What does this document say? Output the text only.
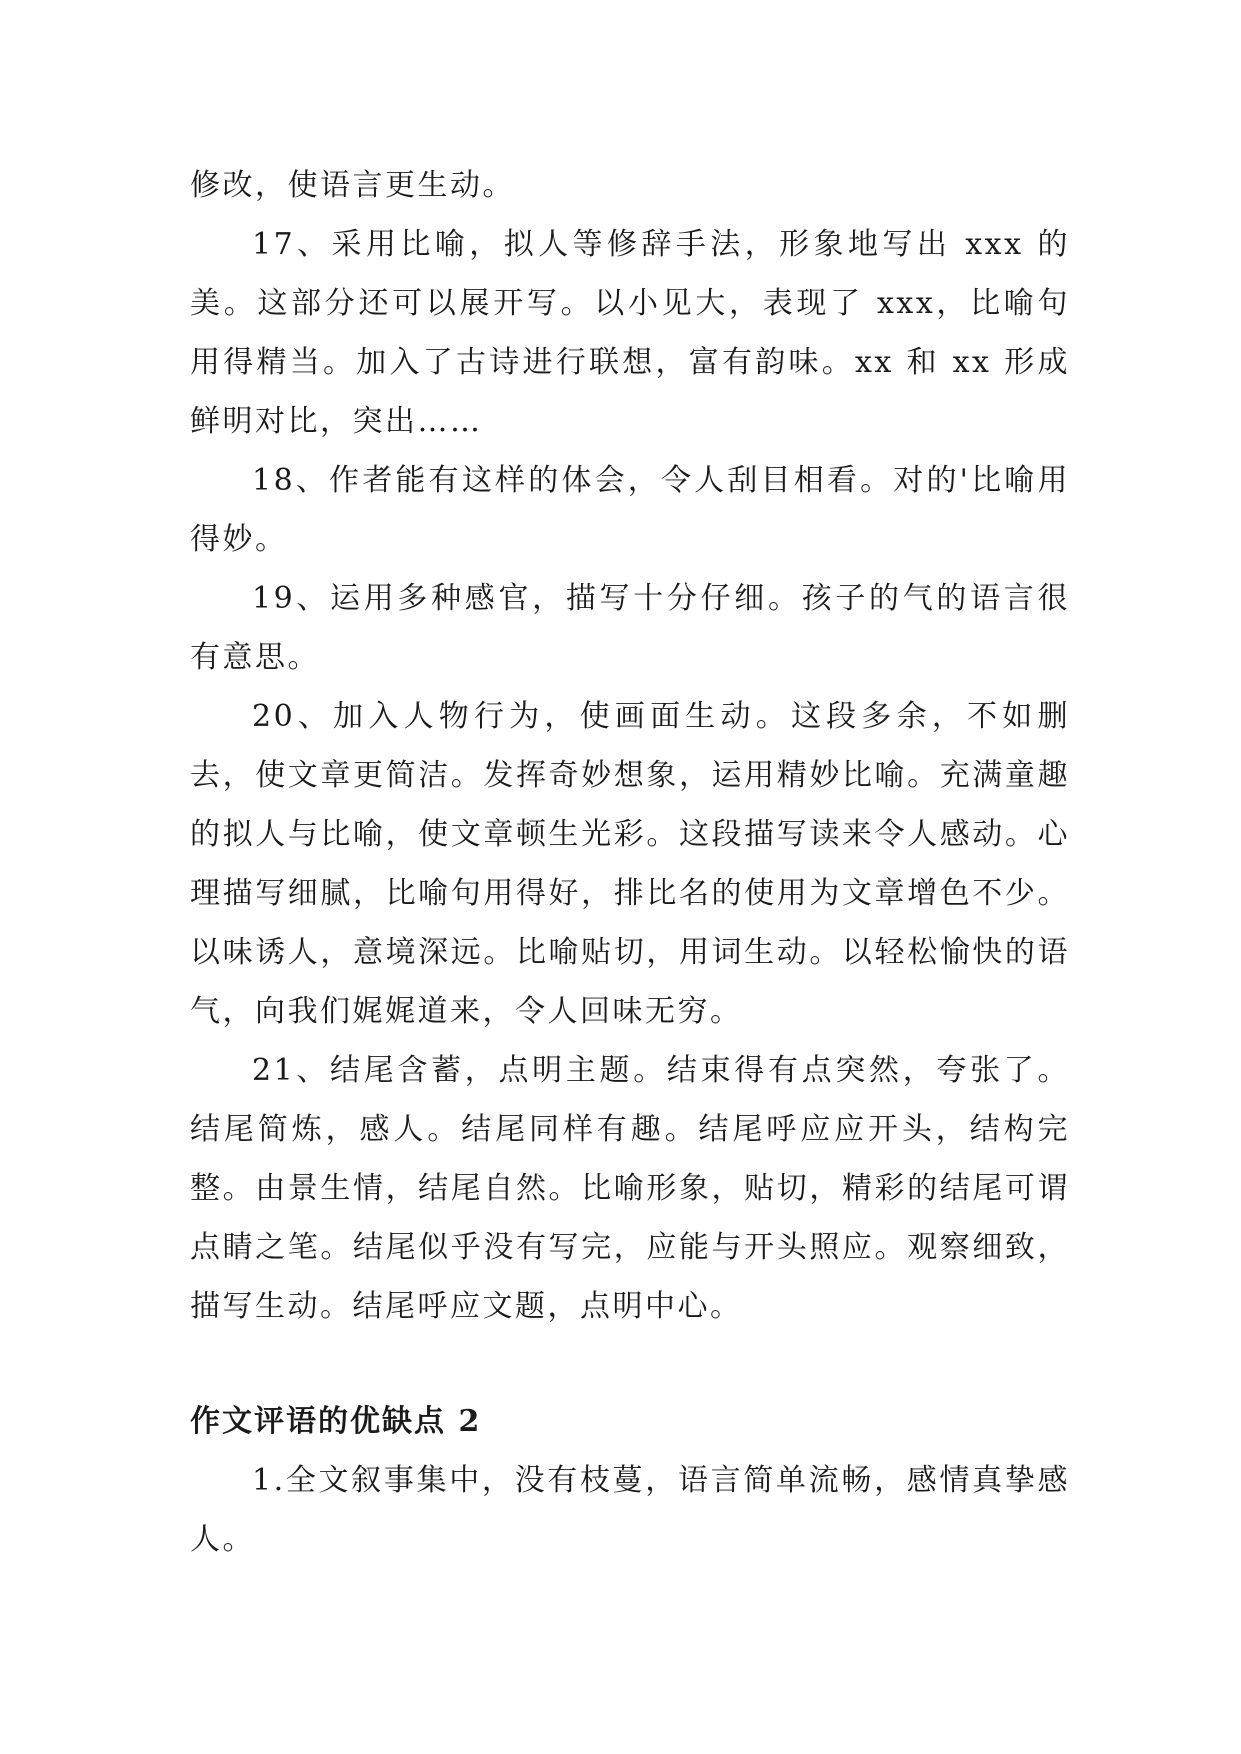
修改，使语言更生动。

17、采用比喻，拟人等修辞手法，形象地写出 xxx 的美。这部分还可以展开写。以小见大，表现了 xxx，比喻句用得精当。加入了古诗进行联想，富有韵味。xx 和 xx 形成鲜明对比，突出……

18、作者能有这样的体会，令人刮目相看。对的'比喻用得妙。

19、运用多种感官，描写十分仔细。孩子的气的语言很有意思。

20、加入人物行为，使画面生动。这段多余，不如删去，使文章更简洁。发挥奇妙想象，运用精妙比喻。充满童趣的拟人与比喻，使文章顿生光彩。这段描写读来令人感动。心理描写细腻，比喻句用得好，排比名的使用为文章增色不少。以味诱人，意境深远。比喻贴切，用词生动。以轻松愉快的语气，向我们娓娓道来，令人回味无穷。

21、结尾含蓄，点明主题。结束得有点突然，夸张了。结尾简炼，感人。结尾同样有趣。结尾呼应应开头，结构完整。由景生情，结尾自然。比喻形象，贴切，精彩的结尾可谓点睛之笔。结尾似乎没有写完，应能与开头照应。观察细致，描写生动。结尾呼应文题，点明中心。

作文评语的优缺点 2

1.全文叙事集中，没有枝蔓，语言简单流畅，感情真挚感人。
